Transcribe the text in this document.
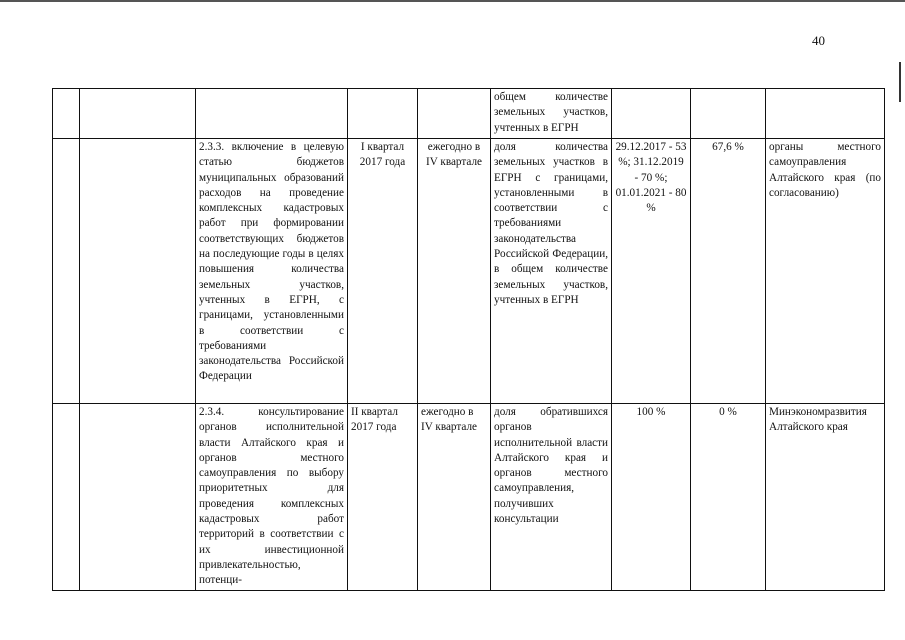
40
					общем количестве земельных участков, учтенных в ЕГРН			
		2.3.3. включение в целевую статью бюджетов муниципальных образований расходов на проведение комплексных кадастровых работ при формировании соответствующих бюджетов на последующие годы в целях повышения количества земельных участков, учтенных в ЕГРН, с границами, установленными в соответствии с требованиями законодательства Российской Федерации	I квартал 2017 года	ежегодно в IV квартале	доля количества земельных участков в ЕГРН с границами, установленными в соответствии с требованиями законодательства Российской Федерации, в общем количестве земельных участков, учтенных в ЕГРН	29.12.2017 - 53 %; 31.12.2019 - 70 %; 01.01.2021 - 80 %	67,6 %	органы местного самоуправления Алтайского края (по согласованию)
		2.3.4. консультирование органов исполнительной власти Алтайского края и органов местного самоуправления по выбору приоритетных для проведения комплексных кадастровых работ территорий в соответствии с их инвестиционной привлекательностью, потенци-	II квартал 2017 года	ежегодно в IV квартале	доля обратившихся органов исполнительной власти Алтайского края и органов местного самоуправления, получивших консультации	100 %	0 %	Минэкономразвития Алтайского края
